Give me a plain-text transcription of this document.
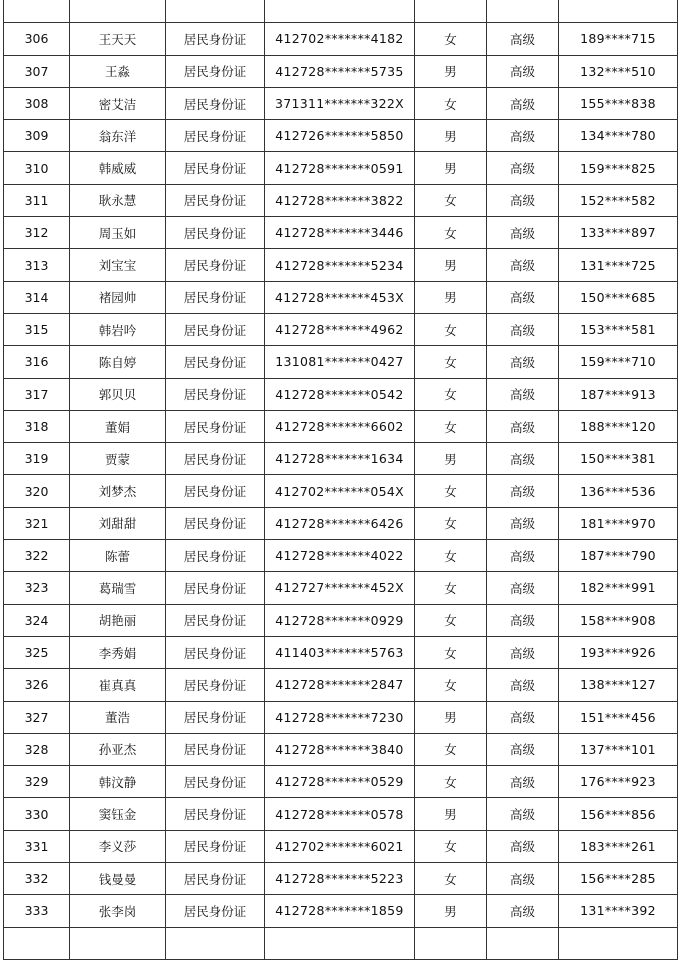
306	王天天	居民身份证	412702*******4182	女	高级	189****715
307	王淼	居民身份证	412728*******5735	男	高级	132****510
308	密艾洁	居民身份证	371311*******322X	女	高级	155****838
309	翁东洋	居民身份证	412726*******5850	男	高级	134****780
310	韩威威	居民身份证	412728*******0591	男	高级	159****825
311	耿永慧	居民身份证	412728*******3822	女	高级	152****582
312	周玉如	居民身份证	412728*******3446	女	高级	133****897
313	刘宝宝	居民身份证	412728*******5234	男	高级	131****725
314	褚园帅	居民身份证	412728*******453X	男	高级	150****685
315	韩岩吟	居民身份证	412728*******4962	女	高级	153****581
316	陈自婷	居民身份证	131081*******0427	女	高级	159****710
317	郭贝贝	居民身份证	412728*******0542	女	高级	187****913
318	董娟	居民身份证	412728*******6602	女	高级	188****120
319	贾蒙	居民身份证	412728*******1634	男	高级	150****381
320	刘梦杰	居民身份证	412702*******054X	女	高级	136****536
321	刘甜甜	居民身份证	412728*******6426	女	高级	181****970
322	陈蕾	居民身份证	412728*******4022	女	高级	187****790
323	葛瑞雪	居民身份证	412727*******452X	女	高级	182****991
324	胡艳丽	居民身份证	412728*******0929	女	高级	158****908
325	李秀娟	居民身份证	411403*******5763	女	高级	193****926
326	崔真真	居民身份证	412728*******2847	女	高级	138****127
327	董浩	居民身份证	412728*******7230	男	高级	151****456
328	孙亚杰	居民身份证	412728*******3840	女	高级	137****101
329	韩汶静	居民身份证	412728*******0529	女	高级	176****923
330	窦钰金	居民身份证	412728*******0578	男	高级	156****856
331	李义莎	居民身份证	412702*******6021	女	高级	183****261
332	钱曼曼	居民身份证	412728*******5223	女	高级	156****285
333	张李岗	居民身份证	412728*******1859	男	高级	131****392
